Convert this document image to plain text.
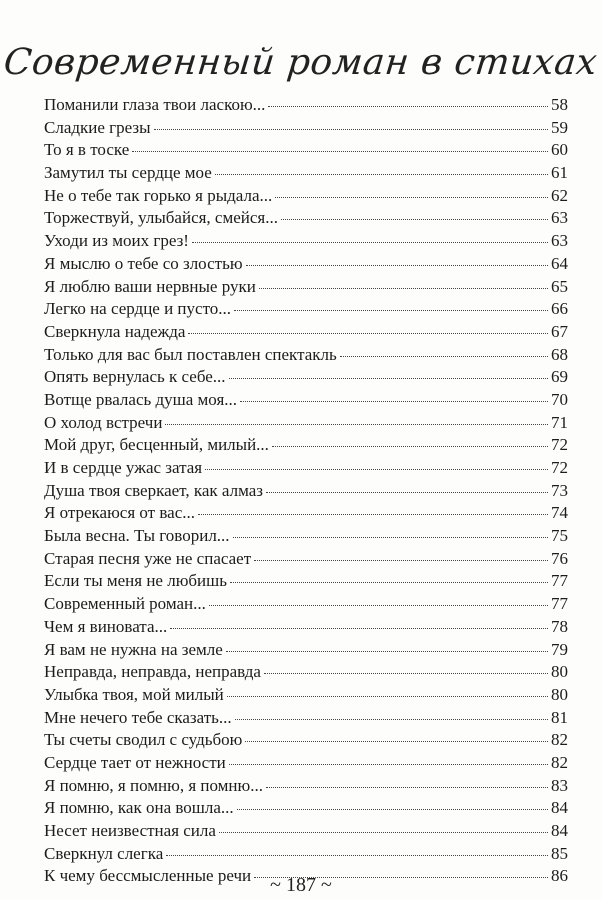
Современный роман в стихах
Поманили глаза твои ласкою...	58
Сладкие грезы	59
То я в тоске	60
Замутил ты сердце мое	61
Не о тебе так горько я рыдала...	62
Торжествуй, улыбайся, смейся...	63
Уходи из моих грез!	63
Я мыслю о тебе со злостью	64
Я люблю ваши нервные руки	65
Легко на сердце и пусто...	66
Сверкнула надежда	67
Только для вас был поставлен спектакль	68
Опять вернулась к себе...	69
Вотще рвалась душа моя...	70
О холод встречи	71
Мой друг, бесценный, милый...	72
И в сердце ужас затая	72
Душа твоя сверкает, как алмаз	73
Я отрекаюся от вас...	74
Была весна. Ты говорил...	75
Старая песня уже не спасает	76
Если ты меня не любишь	77
Современный роман...	77
Чем я виновата...	78
Я вам не нужна на земле	79
Неправда, неправда, неправда	80
Улыбка твоя, мой милый	80
Мне нечего тебе сказать...	81
Ты счеты сводил с судьбою	82
Сердце тает от нежности	82
Я помню, я помню, я помню...	83
Я помню, как она вошла...	84
Несет неизвестная сила	84
Сверкнул слегка	85
К чему бессмысленные речи	86
~ 187 ~
